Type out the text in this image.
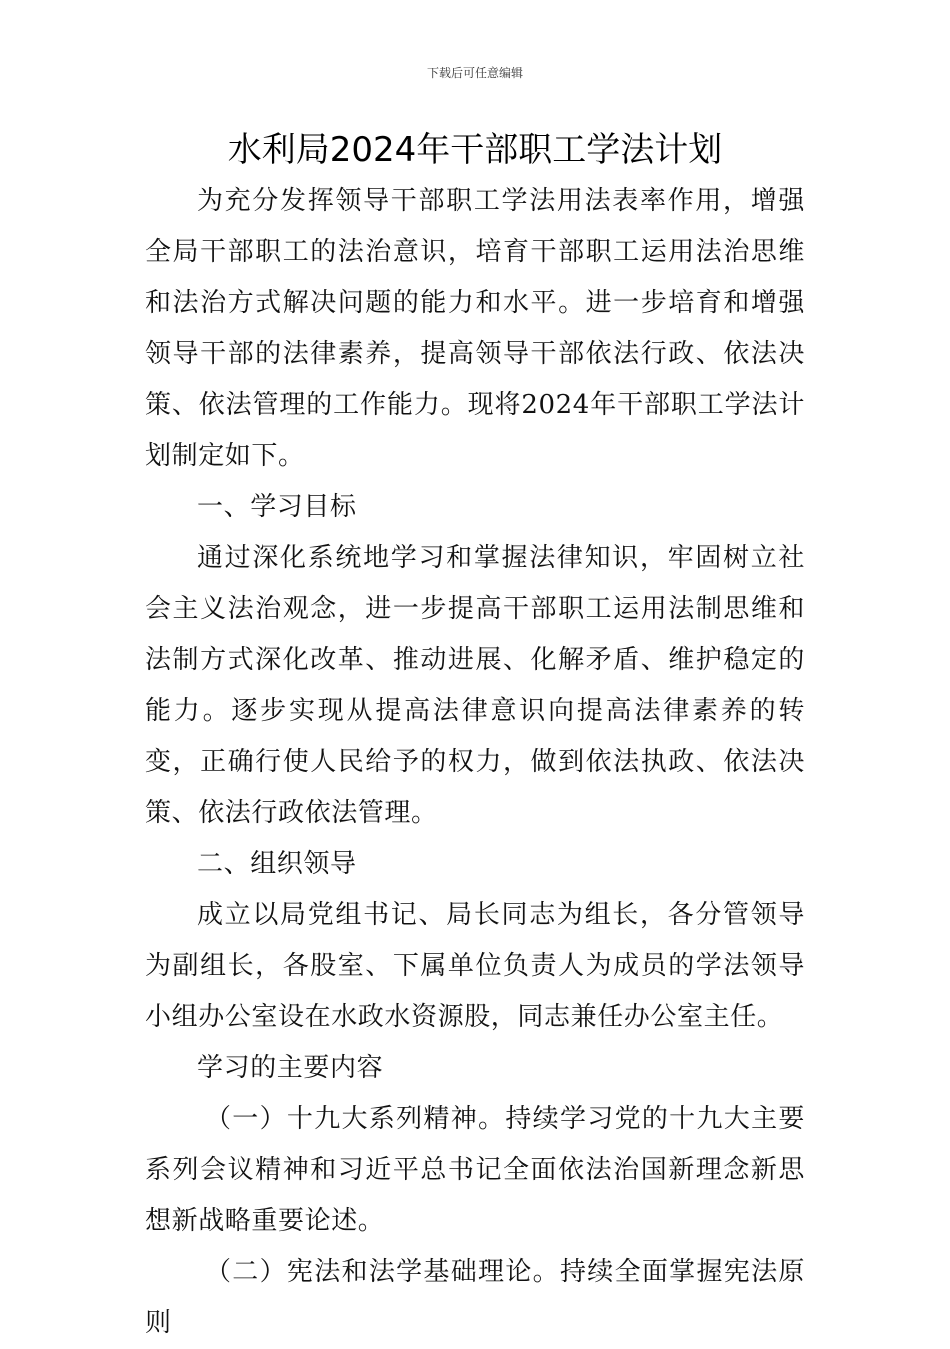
下载后可任意编辑
水利局2024年干部职工学法计划

为充分发挥领导干部职工学法用法表率作用，增强全局干部职工的法治意识，培育干部职工运用法治思维和法治方式解决问题的能力和水平。进一步培育和增强领导干部的法律素养，提高领导干部依法行政、依法决策、依法管理的工作能力。现将2024年干部职工学法计划制定如下。

一、学习目标

通过深化系统地学习和掌握法律知识，牢固树立社会主义法治观念，进一步提高干部职工运用法制思维和法制方式深化改革、推动进展、化解矛盾、维护稳定的能力。逐步实现从提高法律意识向提高法律素养的转变，正确行使人民给予的权力，做到依法执政、依法决策、依法行政依法管理。

二、组织领导

成立以局党组书记、局长同志为组长，各分管领导为副组长，各股室、下属单位负责人为成员的学法领导小组办公室设在水政水资源股，同志兼任办公室主任。

学习的主要内容

（一）十九大系列精神。持续学习党的十九大主要系列会议精神和习近平总书记全面依法治国新理念新思想新战略重要论述。

（二）宪法和法学基础理论。持续全面掌握宪法原则
